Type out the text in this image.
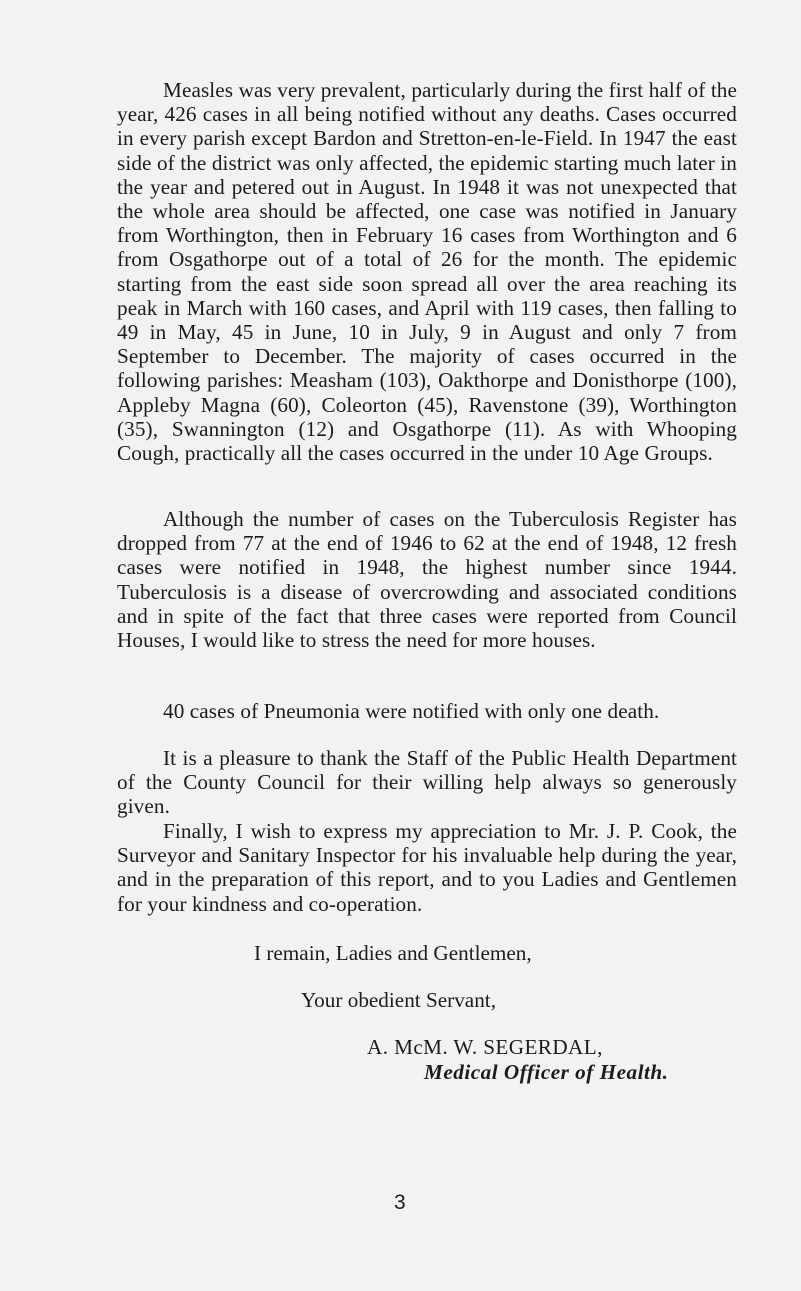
Measles was very prevalent, particularly during the first half of the year, 426 cases in all being notified without any deaths. Cases occurred in every parish except Bardon and Stretton-en-le-Field. In 1947 the east side of the district was only affected, the epidemic starting much later in the year and petered out in August. In 1948 it was not unexpected that the whole area should be affected, one case was notified in January from Worthington, then in February 16 cases from Worthington and 6 from Osgathorpe out of a total of 26 for the month. The epidemic starting from the east side soon spread all over the area reaching its peak in March with 160 cases, and April with 119 cases, then falling to 49 in May, 45 in June, 10 in July, 9 in August and only 7 from September to December. The majority of cases occurred in the following parishes: Measham (103), Oakthorpe and Donisthorpe (100), Appleby Magna (60), Coleorton (45), Ravenstone (39), Worthington (35), Swannington (12) and Osgathorpe (11). As with Whooping Cough, practically all the cases occurred in the under 10 Age Groups.

Although the number of cases on the Tuberculosis Register has dropped from 77 at the end of 1946 to 62 at the end of 1948, 12 fresh cases were notified in 1948, the highest number since 1944. Tuberculosis is a disease of overcrowding and associated conditions and in spite of the fact that three cases were reported from Council Houses, I would like to stress the need for more houses.

40 cases of Pneumonia were notified with only one death.

It is a pleasure to thank the Staff of the Public Health Department of the County Council for their willing help always so generously given.

Finally, I wish to express my appreciation to Mr. J. P. Cook, the Surveyor and Sanitary Inspector for his invaluable help during the year, and in the preparation of this report, and to you Ladies and Gentlemen for your kindness and co-operation.

I remain, Ladies and Gentlemen,

Your obedient Servant,

A. McM. W. SEGERDAL,

Medical Officer of Health.

3
